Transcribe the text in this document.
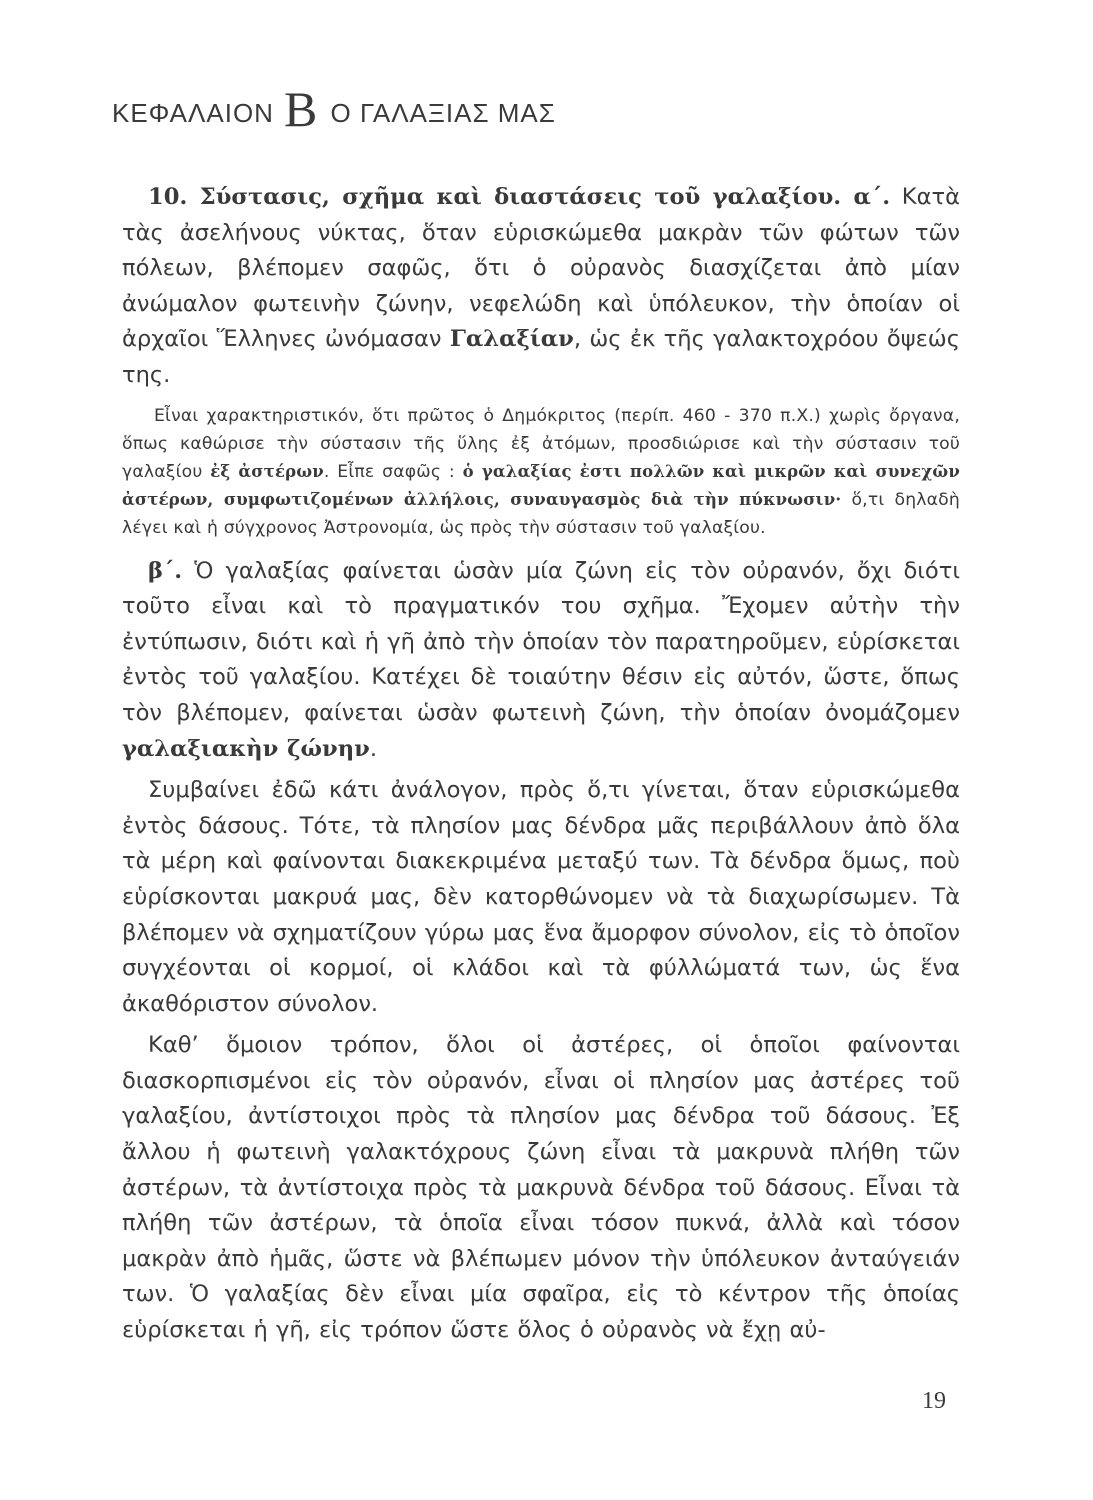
ΚΕΦΑΛΑΙΟΝ Β Ο ΓΑΛΑΞΙΑΣ ΜΑΣ

10. Σύστασις, σχῆμα καὶ διαστάσεις τοῦ γαλαξίου. α΄. Κατὰ τὰς ἀσελήνους νύκτας, ὅταν εὑρισκώμεθα μακρὰν τῶν φώτων τῶν πόλεων, βλέπομεν σαφῶς, ὅτι ὁ οὐρανὸς διασχίζεται ἀπὸ μίαν ἀνώμαλον φωτεινὴν ζώνην, νεφελώδη καὶ ὑπόλευκον, τὴν ὁποίαν οἱ ἀρχαῖοι Ἕλληνες ὠνόμασαν Γαλαξίαν, ὡς ἐκ τῆς γαλακτοχρόου ὄψεώς της.

Εἶναι χαρακτηριστικόν, ὅτι πρῶτος ὁ Δημόκριτος (περίπ. 460 - 370 π.Χ.) χωρὶς ὄργανα, ὅπως καθώρισε τὴν σύστασιν τῆς ὕλης ἐξ ἀτόμων, προσδιώρισε καὶ τὴν σύστασιν τοῦ γαλαξίου ἐξ ἀστέρων. Εἶπε σαφῶς : ὁ γαλαξίας ἐστι πολλῶν καὶ μικρῶν καὶ συνεχῶν ἀστέρων, συμφωτιζομένων ἀλλήλοις, συναυγασμὸς διὰ τὴν πύκνωσιν· ὅ,τι δηλαδὴ λέγει καὶ ἡ σύγχρονος Ἀστρονομία, ὡς πρὸς τὴν σύστασιν τοῦ γαλαξίου.

β΄. Ὁ γαλαξίας φαίνεται ὡσὰν μία ζώνη εἰς τὸν οὐρανόν, ὄχι διότι τοῦτο εἶναι καὶ τὸ πραγματικόν του σχῆμα. Ἔχομεν αὐτὴν τὴν ἐντύπωσιν, διότι καὶ ἡ γῆ ἀπὸ τὴν ὁποίαν τὸν παρατηροῦμεν, εὑρίσκεται ἐντὸς τοῦ γαλαξίου. Κατέχει δὲ τοιαύτην θέσιν εἰς αὐτόν, ὥστε, ὅπως τὸν βλέπομεν, φαίνεται ὡσὰν φωτεινὴ ζώνη, τὴν ὁποίαν ὀνομάζομεν γαλαξιακὴν ζώνην.

Συμβαίνει ἐδῶ κάτι ἀνάλογον, πρὸς ὅ,τι γίνεται, ὅταν εὑρισκώμεθα ἐντὸς δάσους. Τότε, τὰ πλησίον μας δένδρα μᾶς περιβάλλουν ἀπὸ ὅλα τὰ μέρη καὶ φαίνονται διακεκριμένα μεταξύ των. Τὰ δένδρα ὅμως, ποὺ εὑρίσκονται μακρυά μας, δὲν κατορθώνομεν νὰ τὰ διαχωρίσωμεν. Τὰ βλέπομεν νὰ σχηματίζουν γύρω μας ἕνα ἄμορφον σύνολον, εἰς τὸ ὁποῖον συγχέονται οἱ κορμοί, οἱ κλάδοι καὶ τὰ φύλλώματά των, ὡς ἕνα ἀκαθόριστον σύνολον.

Καθ’ ὅμοιον τρόπον, ὅλοι οἱ ἀστέρες, οἱ ὁποῖοι φαίνονται διασκορπισμένοι εἰς τὸν οὐρανόν, εἶναι οἱ πλησίον μας ἀστέρες τοῦ γαλαξίου, ἀντίστοιχοι πρὸς τὰ πλησίον μας δένδρα τοῦ δάσους. Ἐξ ἄλλου ἡ φωτεινὴ γαλακτόχρους ζώνη εἶναι τὰ μακρυνὰ πλήθη τῶν ἀστέρων, τὰ ἀντίστοιχα πρὸς τὰ μακρυνὰ δένδρα τοῦ δάσους. Εἶναι τὰ πλήθη τῶν ἀστέρων, τὰ ὁποῖα εἶναι τόσον πυκνά, ἀλλὰ καὶ τόσον μακρὰν ἀπὸ ἡμᾶς, ὥστε νὰ βλέπωμεν μόνον τὴν ὑπόλευκον ἀνταύγειάν των. Ὁ γαλαξίας δὲν εἶναι μία σφαῖρα, εἰς τὸ κέντρον τῆς ὁποίας εὑρίσκεται ἡ γῆ, εἰς τρόπον ὥστε ὅλος ὁ οὐρανὸς νὰ ἔχῃ αὐ-

19
